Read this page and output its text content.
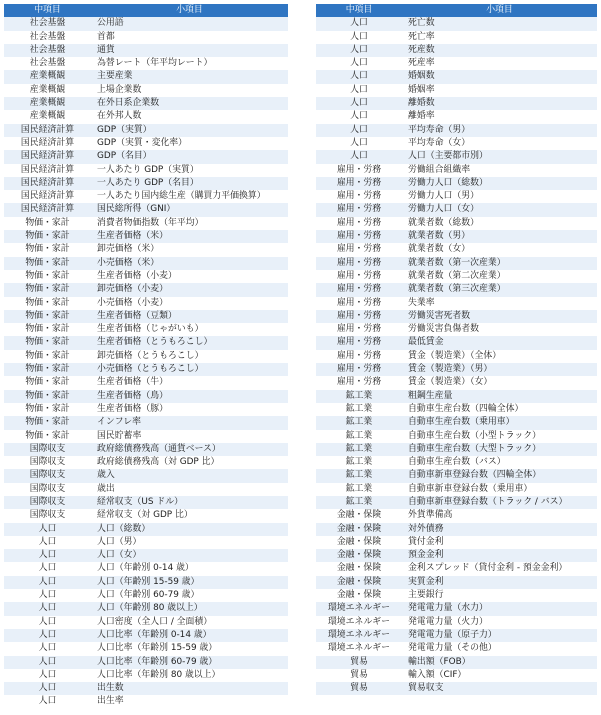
中項目	小項目
社会基盤	公用語
社会基盤	首都
社会基盤	通貨
社会基盤	為替レート（年平均レート）
産業概観	主要産業
産業概観	上場企業数
産業概観	在外日系企業数
産業概観	在外邦人数
国民経済計算	GDP（実質）
国民経済計算	GDP（実質・変化率）
国民経済計算	GDP（名目）
国民経済計算	一人あたり GDP（実質）
国民経済計算	一人あたり GDP（名目）
国民経済計算	一人あたり国内総生産（購買力平価換算）
国民経済計算	国民総所得（GNI）
物価・家計	消費者物価指数（年平均）
物価・家計	生産者価格（米）
物価・家計	卸売価格（米）
物価・家計	小売価格（米）
物価・家計	生産者価格（小麦）
物価・家計	卸売価格（小麦）
物価・家計	小売価格（小麦）
物価・家計	生産者価格（豆類）
物価・家計	生産者価格（じゃがいも）
物価・家計	生産者価格（とうもろこし）
物価・家計	卸売価格（とうもろこし）
物価・家計	小売価格（とうもろこし）
物価・家計	生産者価格（牛）
物価・家計	生産者価格（鳥）
物価・家計	生産者価格（豚）
物価・家計	インフレ率
物価・家計	国民貯蓄率
国際収支	政府総債務残高（通貨ベース）
国際収支	政府総債務残高（対 GDP 比）
国際収支	歳入
国際収支	歳出
国際収支	経常収支（US ドル）
国際収支	経常収支（対 GDP 比）
人口	人口（総数）
人口	人口（男）
人口	人口（女）
人口	人口（年齢別 0-14 歳）
人口	人口（年齢別 15-59 歳）
人口	人口（年齢別 60-79 歳）
人口	人口（年齢別 80 歳以上）
人口	人口密度（全人口 / 全面積）
人口	人口比率（年齢別 0-14 歳）
人口	人口比率（年齢別 15-59 歳）
人口	人口比率（年齢別 60-79 歳）
人口	人口比率（年齢別 80 歳以上）
人口	出生数
人口	出生率
中項目	小項目
人口	死亡数
人口	死亡率
人口	死産数
人口	死産率
人口	婚姻数
人口	婚姻率
人口	離婚数
人口	離婚率
人口	平均寿命（男）
人口	平均寿命（女）
人口	人口（主要都市別）
雇用・労務	労働組合組織率
雇用・労務	労働力人口（総数）
雇用・労務	労働力人口（男）
雇用・労務	労働力人口（女）
雇用・労務	就業者数（総数）
雇用・労務	就業者数（男）
雇用・労務	就業者数（女）
雇用・労務	就業者数（第一次産業）
雇用・労務	就業者数（第二次産業）
雇用・労務	就業者数（第三次産業）
雇用・労務	失業率
雇用・労務	労働災害死者数
雇用・労務	労働災害負傷者数
雇用・労務	最低賃金
雇用・労務	賃金（製造業）（全体）
雇用・労務	賃金（製造業）（男）
雇用・労務	賃金（製造業）（女）
鉱工業	粗鋼生産量
鉱工業	自動車生産台数（四輪全体）
鉱工業	自動車生産台数（乗用車）
鉱工業	自動車生産台数（小型トラック）
鉱工業	自動車生産台数（大型トラック）
鉱工業	自動車生産台数（バス）
鉱工業	自動車新車登録台数（四輪全体）
鉱工業	自動車新車登録台数（乗用車）
鉱工業	自動車新車登録台数（トラック / バス）
金融・保険	外貨準備高
金融・保険	対外債務
金融・保険	貸付金利
金融・保険	預金金利
金融・保険	金利スプレッド（貸付金利 - 預金金利）
金融・保険	実質金利
金融・保険	主要銀行
環境エネルギー	発電電力量（水力）
環境エネルギー	発電電力量（火力）
環境エネルギー	発電電力量（原子力）
環境エネルギー	発電電力量（その他）
貿易	輸出額（FOB）
貿易	輸入額（CIF）
貿易	貿易収支
